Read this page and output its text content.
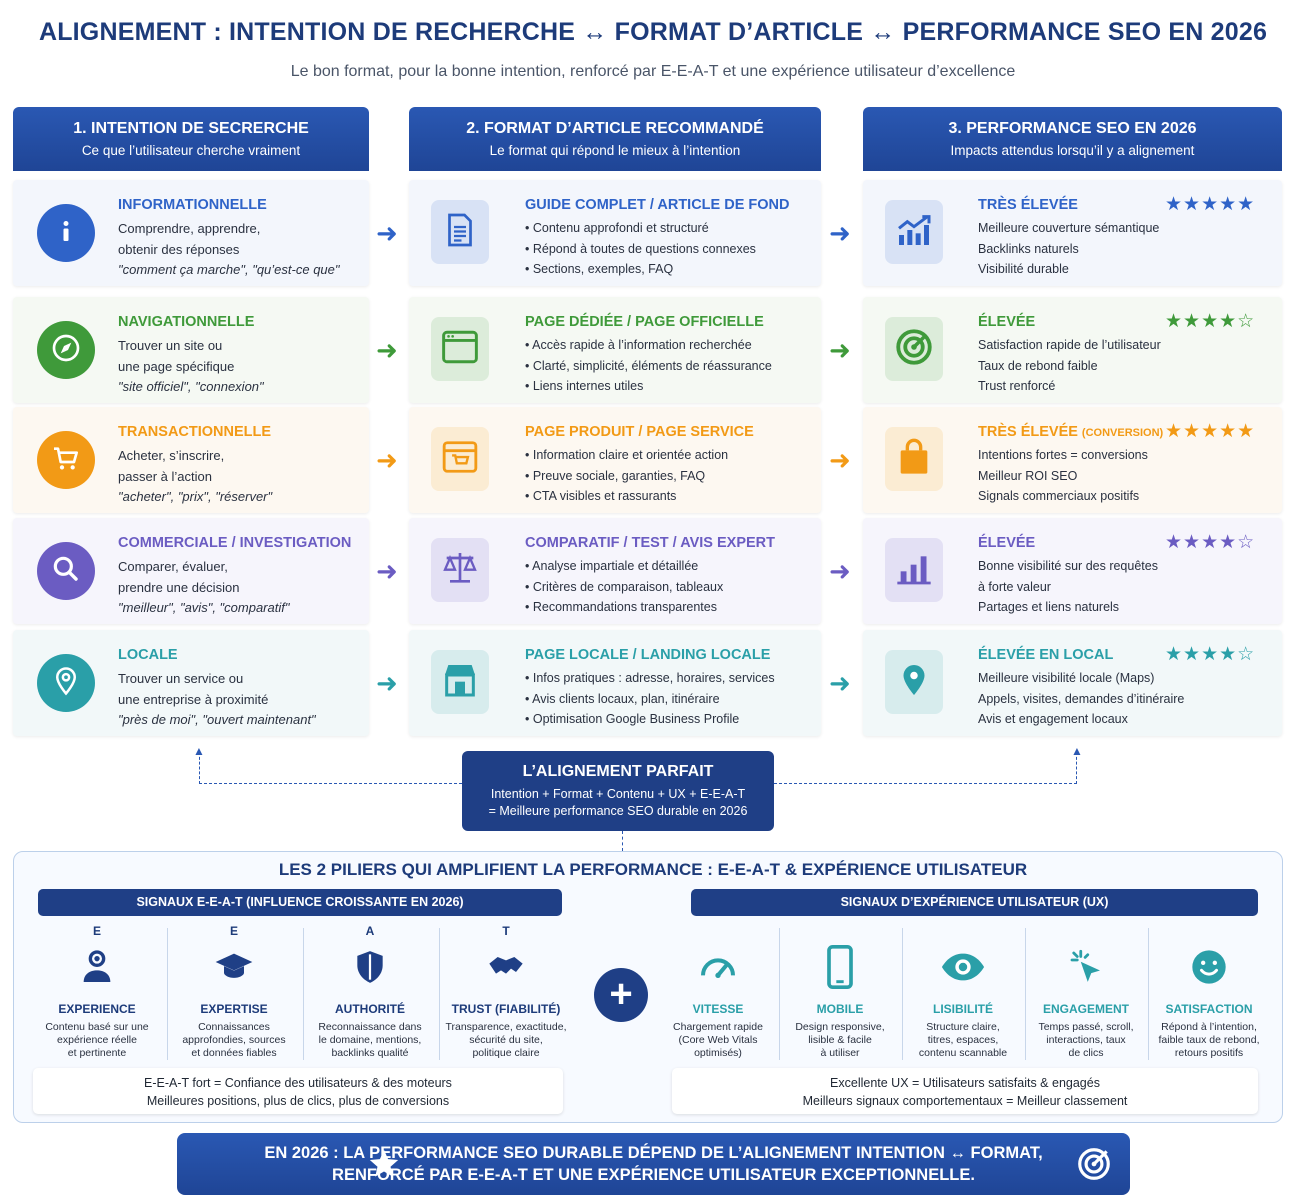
ALIGNEMENT : INTENTION DE RECHERCHE ↔ FORMAT D’ARTICLE ↔ PERFORMANCE SEO EN 2026
Le bon format, pour la bonne intention, renforcé par E-E-A-T et une expérience utilisateur d’excellence
1. INTENTION DE SECRERCHE
Ce que l’utilisateur cherche vraiment
2. FORMAT D’ARTICLE RECOMMANDÉ
Le format qui répond le mieux à l’intention
3. PERFORMANCE SEO EN 2026
Impacts attendus lorsqu’il y a alignement
INFORMATIONNELLE
Comprendre, apprendre,
obtenir des réponses
"comment ça marche", "qu’est-ce que"
➜
GUIDE COMPLET / ARTICLE DE FOND
• Contenu approfondi et structuré
• Répond à toutes de questions connexes
• Sections, exemples, FAQ
➜
TRÈS ÉLEVÉE	★★★★★
Meilleure couverture sémantique
Backlinks naturels
Visibilité durable
NAVIGATIONNELLE
Trouver un site ou
une page spécifique
"site officiel", "connexion"
➜
PAGE DÉDIÉE / PAGE OFFICIELLE
• Accès rapide à l’information recherchée
• Clarté, simplicité, éléments de réassurance
• Liens internes utiles
➜
ÉLEVÉE	★★★★☆
Satisfaction rapide de l’utilisateur
Taux de rebond faible
Trust renforcé
TRANSACTIONNELLE
Acheter, s’inscrire,
passer à l’action
"acheter", "prix", "réserver"
➜
PAGE PRODUIT / PAGE SERVICE
• Information claire et orientée action
• Preuve sociale, garanties, FAQ
• CTA visibles et rassurants
➜
TRÈS ÉLEVÉE (CONVERSION) ★★★★★
Intentions fortes = conversions
Meilleur ROI SEO
Signals commerciaux positifs
COMMERCIALE / INVESTIGATION
Comparer, évaluer,
prendre une décision
"meilleur", "avis", "comparatif"
➜
COMPARATIF / TEST / AVIS EXPERT
• Analyse impartiale et détaillée
• Critères de comparaison, tableaux
• Recommandations transparentes
➜
ÉLEVÉE	★★★★☆
Bonne visibilité sur des requêtes
à forte valeur
Partages et liens naturels
LOCALE
Trouver un service ou
une entreprise à proximité
"près de moi", "ouvert maintenant"
➜
PAGE LOCALE / LANDING LOCALE
• Infos pratiques : adresse, horaires, services
• Avis clients locaux, plan, itinéraire
• Optimisation Google Business Profile
➜
ÉLEVÉE EN LOCAL	★★★★☆
Meilleure visibilité locale (Maps)
Appels, visites, demandes d’itinéraire
Avis et engagement locaux
▲	▲
L’ALIGNEMENT PARFAIT
Intention + Format + Contenu + UX + E-E-A-T
= Meilleure performance SEO durable en 2026
LES 2 PILIERS QUI AMPLIFIENT LA PERFORMANCE : E-E-A-T & EXPÉRIENCE UTILISATEUR
SIGNAUX E-E-A-T (INFLUENCE CROISSANTE EN 2026)	SIGNAUX D’EXPÉRIENCE UTILISATEUR (UX)
E
EXPERIENCE
Contenu basé sur une
expérience réelle
et pertinente
E
EXPERTISE
Connaissances
approfondies, sources
et données fiables
A
AUTHORITÉ
Reconnaissance dans
le domaine, mentions,
backlinks qualité
T
TRUST (FIABILITÉ)
Transparence, exactitude,
sécurité du site,
politique claire
VITESSE
Chargement rapide
(Core Web Vitals
optimisés)
MOBILE
Design responsive,
lisible & facile
à utiliser
LISIBILITÉ
Structure claire,
titres, espaces,
contenu scannable
ENGAGEMENT
Temps passé, scroll,
interactions, taux
de clics
SATISFACTION
Répond à l’intention,
faible taux de rebond,
retours positifs
+
E-E-A-T fort = Confiance des utilisateurs & des moteurs
Meilleures positions, plus de clics, plus de conversions
Excellente UX = Utilisateurs satisfaits & engagés
Meilleurs signaux comportementaux = Meilleur classement
EN 2026 : LA PERFORMANCE SEO DURABLE DÉPEND DE L’ALIGNEMENT INTENTION ↔ FORMAT,
RENFORCÉ PAR E-E-A-T ET UNE EXPÉRIENCE UTILISATEUR EXCEPTIONNELLE.
